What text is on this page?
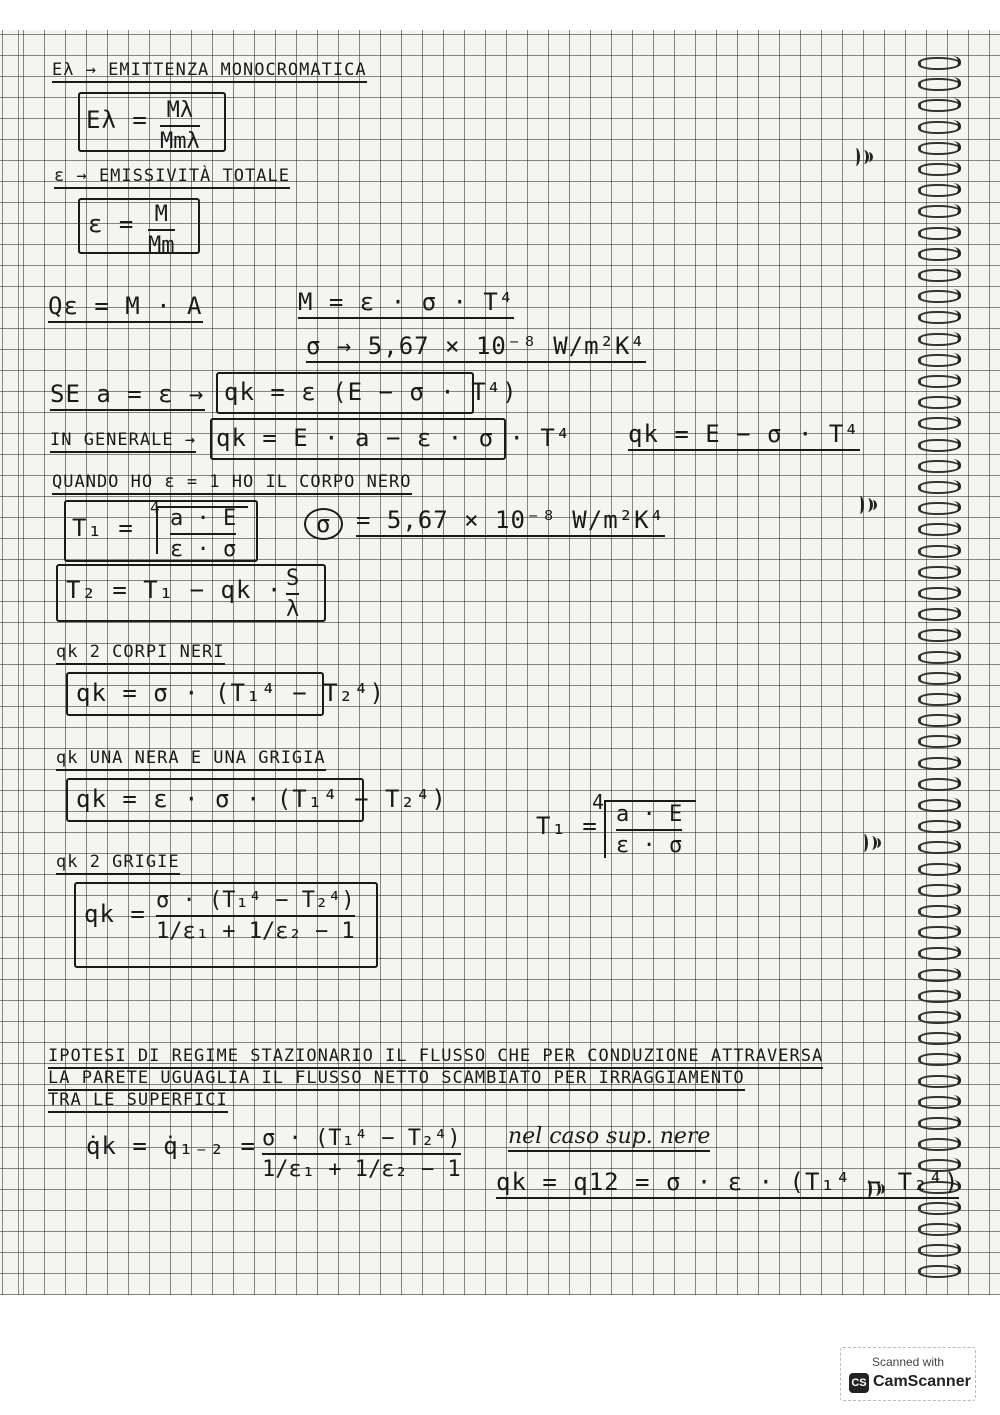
Eλ → EMITTENZA MONOCROMATICA
Eλ = Mλ
Mmλ
ε → EMISSIVITÀ TOTALE
ε = M
Mm
Qε = M · A	M = ε · σ · T⁴
σ → 5,67 × 10⁻⁸ W/m²K⁴
SE a = ε → qk = ε (E − σ · T⁴)
IN GENERALE → qk = E · a − ε · σ · T⁴ qk = E − σ · T⁴
QUANDO HO ε = 1 HO IL CORPO NERO
T₁ =
4 a · E
ε · σ
σ	= 5,67 × 10⁻⁸ W/m²K⁴
T₂ = T₁ − qk · S
λ
qk 2 CORPI NERI
qk = σ · (T₁⁴ − T₂⁴)
qk UNA NERA E UNA GRIGIA
qk = ε · σ · (T₁⁴ − T₂⁴)
T₁ =
4 a · E
ε · σ
qk 2 GRIGIE
qk = σ · (T₁⁴ − T₂⁴)
1/ε₁ + 1/ε₂ − 1
IPOTESI DI REGIME STAZIONARIO IL FLUSSO CHE PER CONDUZIONE ATTRAVERSA
LA PARETE UGUAGLIA IL FLUSSO NETTO SCAMBIATO PER IRRAGGIAMENTO
TRA LE SUPERFICI
q̇k = q̇₁₋₂ = σ · (T₁⁴ − T₂⁴)
1/ε₁ + 1/ε₂ − 1
nel caso sup. nere
qk = q12 = σ · ε · (T₁⁴ − T₂⁴)
Scanned with
CS CamScanner
